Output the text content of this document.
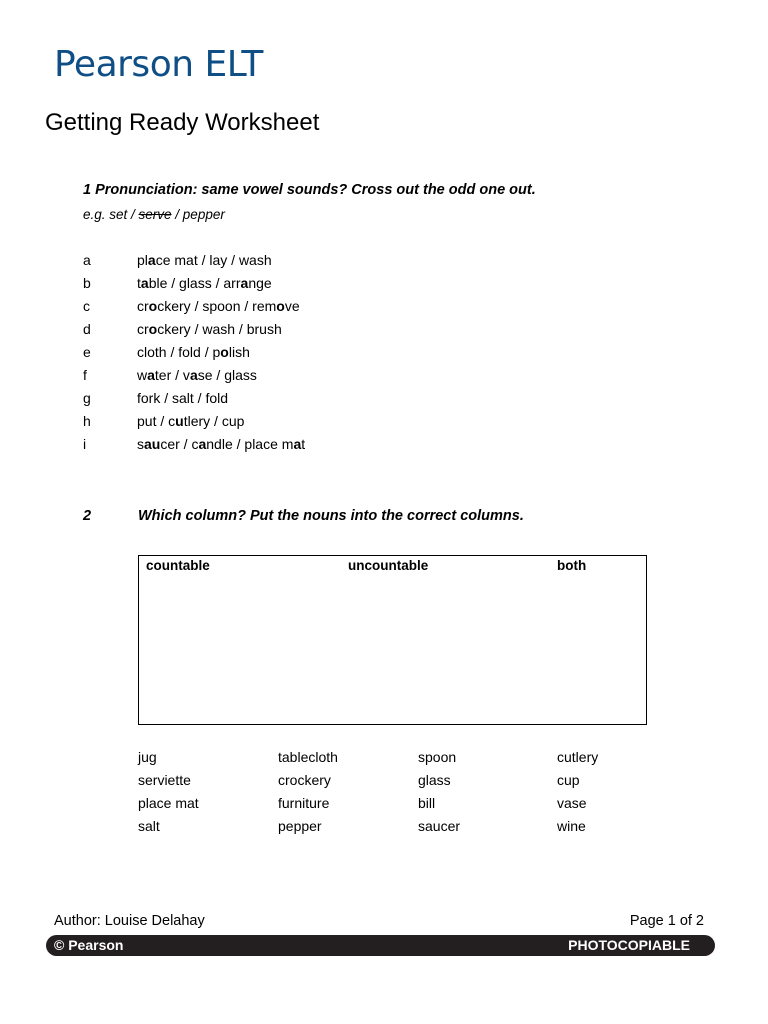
Pearson ELT
Getting Ready Worksheet
1 Pronunciation: same vowel sounds? Cross out the odd one out.
e.g. set / serve / pepper
a	place mat / lay / wash
b	table / glass / arrange
c	crockery / spoon / remove
d	crockery / wash / brush
e	cloth / fold / polish
f	water / vase / glass
g	fork / salt / fold
h	put / cutlery / cup
i	saucer / candle / place mat
2	Which column? Put the nouns into the correct columns.
countable	uncountable	both
jug	tablecloth	spoon	cutlery
serviette	crockery	glass	cup
place mat	furniture	bill	vase
salt	pepper	saucer	wine
Author: Louise Delahay	Page 1 of 2
© Pearson	PHOTOCOPIABLE
